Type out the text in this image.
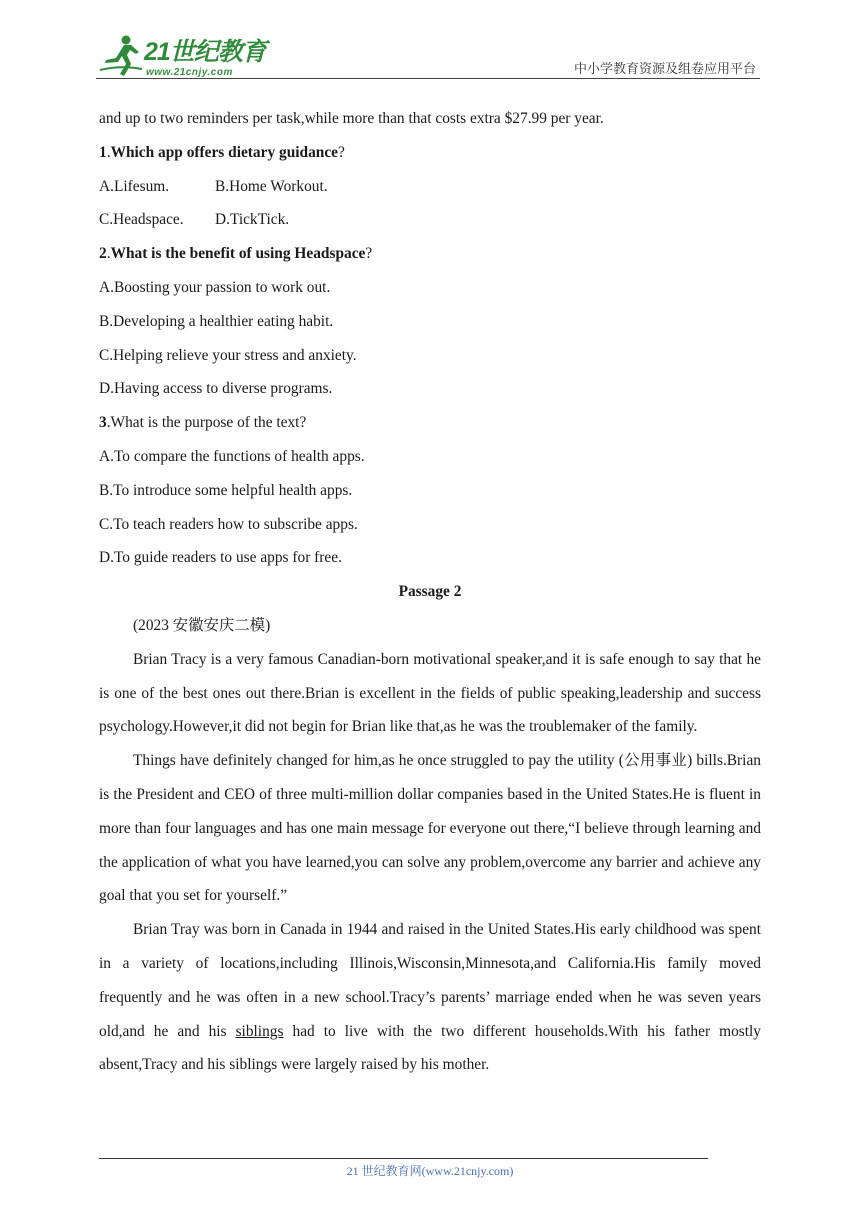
21世纪教育
www.21cnjy.com	中小学教育资源及组卷应用平台
and up to two reminders per task,while more than that costs extra $27.99 per year.
1.Which app offers dietary guidance?
A.Lifesum.	B.Home Workout.
C.Headspace. D.TickTick.
2.What is the benefit of using Headspace?
A.Boosting your passion to work out.
B.Developing a healthier eating habit.
C.Helping relieve your stress and anxiety.
D.Having access to diverse programs.
3.What is the purpose of the text?
A.To compare the functions of health apps.
B.To introduce some helpful health apps.
C.To teach readers how to subscribe apps.
D.To guide readers to use apps for free.
Passage 2
(2023 安徽安庆二模)

Brian Tracy is a very famous Canadian-born motivational speaker,and it is safe enough to say that he is one of the best ones out there.Brian is excellent in the fields of public speaking,leadership and success psychology.However,it did not begin for Brian like that,as he was the troublemaker of the family.

Things have definitely changed for him,as he once struggled to pay the utility (公用事业) bills.Brian is the President and CEO of three multi-million dollar companies based in the United States.He is fluent in more than four languages and has one main message for everyone out there,“I believe through learning and the application of what you have learned,you can solve any problem,overcome any barrier and achieve any goal that you set for yourself.”

Brian Tray was born in Canada in 1944 and raised in the United States.His early childhood was spent in a variety of locations,including Illinois,Wisconsin,Minnesota,and California.His family moved frequently and he was often in a new school.Tracy’s parents’ marriage ended when he was seven years old,and he and his siblings had to live with the two different households.With his father mostly absent,Tracy and his siblings were largely raised by his mother.

21 世纪教育网(www.21cnjy.com)
